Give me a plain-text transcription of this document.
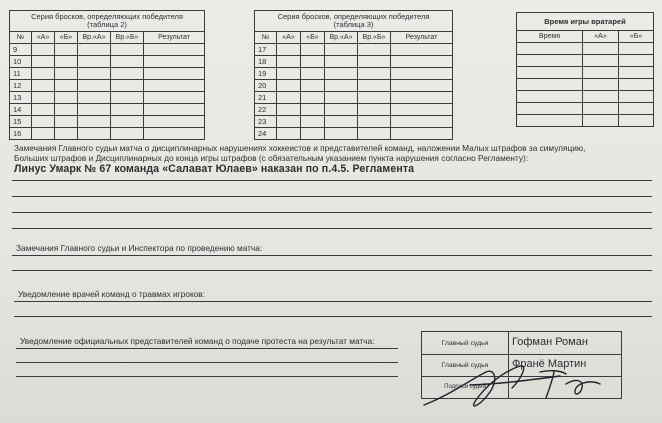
Серия бросков, определяющих победителя
(таблица 2)					
№	«А»	«Б»	Вр.«А»	Вр.«Б»	Результат
9					
10					
11					
12					
13					
14					
15					
16					
Серия бросков, определяющих победителя
(таблица 3)					
№	«А»	«Б»	Вр.«А»	Вр.«Б»	Результат
17					
18					
19					
20					
21					
22					
23					
24					
Время игры вратарей		
Время	«А»	«Б»

Замечания Главного судьи матча о дисциплинарных нарушениях хоккеистов и представителей команд, наложении Малых штрафов за симуляцию,
Больших штрафов и Дисциплинарных до конца игры штрафов (с обязательным указанием пункта нарушения согласно Регламенту):
Линус Умарк № 67 команда «Салават Юлаев» наказан по п.4.5. Регламента
Замечания Главного судьи и Инспектора по проведению матча:
Уведомление врачей команд о травмах игроков:
Уведомление официальных представителей команд о подаче протеста на результат матча:	Главный судья	Гофман Роман
Главный судья	Франё Мартин
Подписи судей
